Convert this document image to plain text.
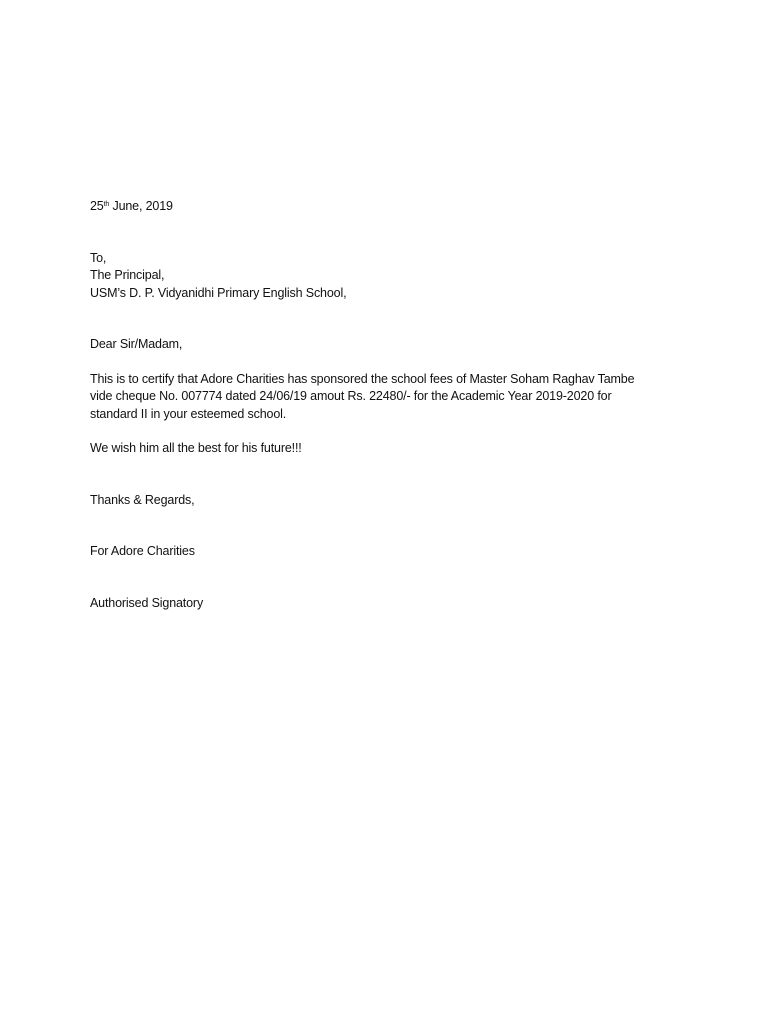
25th June, 2019
To,
The Principal,
USM’s D. P. Vidyanidhi Primary English School,
Dear Sir/Madam,
This is to certify that Adore Charities has sponsored the school fees of Master Soham Raghav Tambe
vide cheque No. 007774 dated 24/06/19 amout Rs. 22480/- for the Academic Year 2019-2020 for
standard II in your esteemed school.
We wish him all the best for his future!!!
Thanks & Regards,
For Adore Charities
Authorised Signatory
